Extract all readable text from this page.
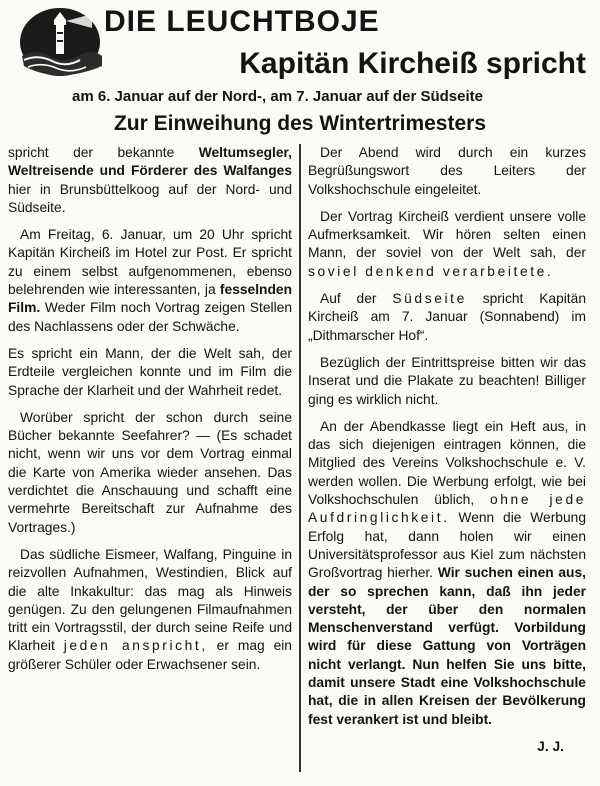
DIE LEUCHTBOJE
Kapitän Kircheiß spricht
am 6. Januar auf der Nord-, am 7. Januar auf der Südseite
Zur Einweihung des Wintertrimesters

spricht der bekannte Weltumsegler, Weltreisende und Förderer des Walfanges hier in Brunsbüttelkoog auf der Nord- und Südseite.

Am Freitag, 6. Januar, um 20 Uhr spricht Kapitän Kircheiß im Hotel zur Post. Er spricht zu einem selbst aufgenommenen, ebenso belehrenden wie interessanten, ja fesselnden Film. Weder Film noch Vortrag zeigen Stellen des Nachlassens oder der Schwäche.

Es spricht ein Mann, der die Welt sah, der Erdteile vergleichen konnte und im Film die Sprache der Klarheit und der Wahrheit redet.

Worüber spricht der schon durch seine Bücher bekannte Seefahrer? — (Es schadet nicht, wenn wir uns vor dem Vortrag einmal die Karte von Amerika wieder ansehen. Das verdichtet die Anschauung und schafft eine vermehrte Bereitschaft zur Aufnahme des Vortrages.)

Das südliche Eismeer, Walfang, Pinguine in reizvollen Aufnahmen, Westindien, Blick auf die alte Inkakultur: das mag als Hinweis genügen. Zu den gelungenen Filmaufnahmen tritt ein Vortragsstil, der durch seine Reife und Klarheit jeden anspricht, er mag ein größerer Schüler oder Erwachsener sein.

Der Abend wird durch ein kurzes Begrüßungswort des Leiters der Volkshochschule eingeleitet.

Der Vortrag Kircheiß verdient unsere volle Aufmerksamkeit. Wir hören selten einen Mann, der soviel von der Welt sah, der soviel denkend verarbeitete.

Auf der Südseite spricht Kapitän Kircheiß am 7. Januar (Sonnabend) im „Dithmarscher Hof“.

Bezüglich der Eintrittspreise bitten wir das Inserat und die Plakate zu beachten! Billiger ging es wirklich nicht.

An der Abendkasse liegt ein Heft aus, in das sich diejenigen eintragen können, die Mitglied des Vereins Volkshochschule e. V. werden wollen. Die Werbung erfolgt, wie bei Volkshochschulen üblich, ohne jede Aufdringlichkeit. Wenn die Werbung Erfolg hat, dann holen wir einen Universitätsprofessor aus Kiel zum nächsten Großvortrag hierher. Wir suchen einen aus, der so sprechen kann, daß ihn jeder versteht, der über den normalen Menschenverstand verfügt. Vorbildung wird für diese Gattung von Vorträgen nicht verlangt. Nun helfen Sie uns bitte, damit unsere Stadt eine Volkshochschule hat, die in allen Kreisen der Bevölkerung fest verankert ist und bleibt.

J. J.
